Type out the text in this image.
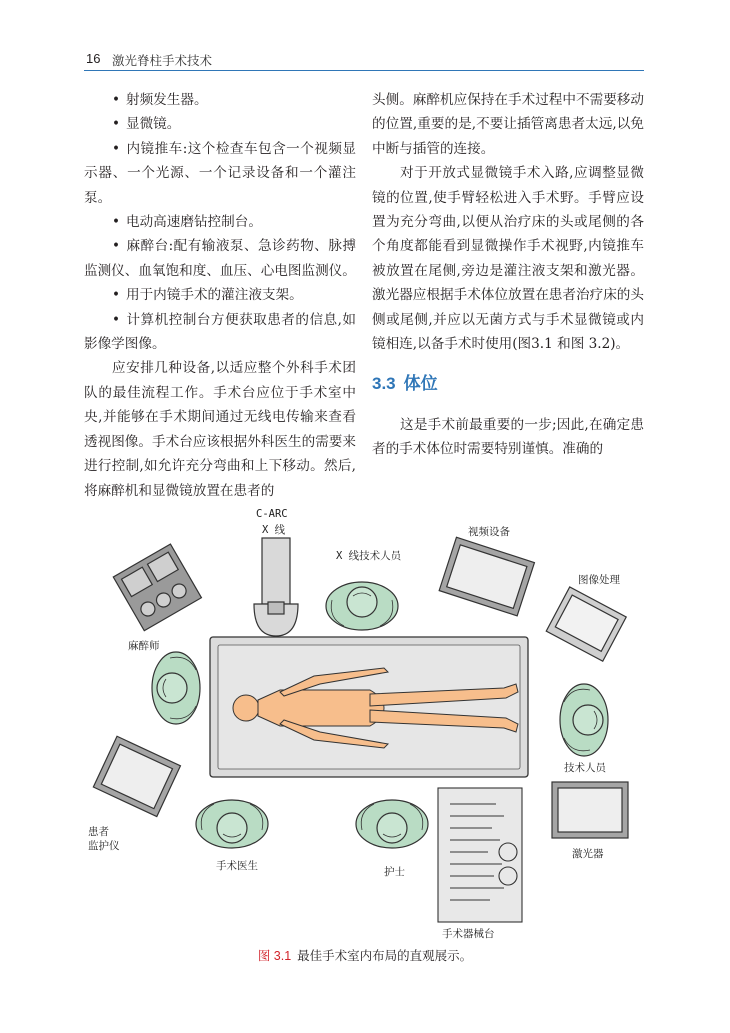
16 激光脊柱手术技术

• 射频发生器。

• 显微镜。

• 内镜推车:这个检查车包含一个视频显示器、一个光源、一个记录设备和一个灌注泵。

• 电动高速磨钻控制台。

• 麻醉台:配有输液泵、急诊药物、脉搏监测仪、血氧饱和度、血压、心电图监测仪。

• 用于内镜手术的灌注液支架。

• 计算机控制台方便获取患者的信息,如影像学图像。

应安排几种设备,以适应整个外科手术团队的最佳流程工作。手术台应位于手术室中央,并能够在手术期间通过无线电传输来查看透视图像。手术台应该根据外科医生的需要来进行控制,如允许充分弯曲和上下移动。然后,将麻醉机和显微镜放置在患者的

头侧。麻醉机应保持在手术过程中不需要移动的位置,重要的是,不要让插管离患者太远,以免中断与插管的连接。

对于开放式显微镜手术入路,应调整显微镜的位置,使手臂轻松进入手术野。手臂应设置为充分弯曲,以便从治疗床的头或尾侧的各个角度都能看到显微操作手术视野,内镜推车被放置在尾侧,旁边是灌注液支架和激光器。激光器应根据手术体位放置在患者治疗床的头侧或尾侧,并应以无菌方式与手术显微镜或内镜相连,以备手术时使用(图3.1 和图 3.2)。

3.3 体位

这是手术前最重要的一步;因此,在确定患者的手术体位时需要特别谨慎。准确的

C-ARC
X 线
X 线技术人员
视频设备
图像处理
麻醉师
技术人员
患者
监护仪
激光器
手术医生	护士
手术器械台
图 3.1 最佳手术室内布局的直观展示。
